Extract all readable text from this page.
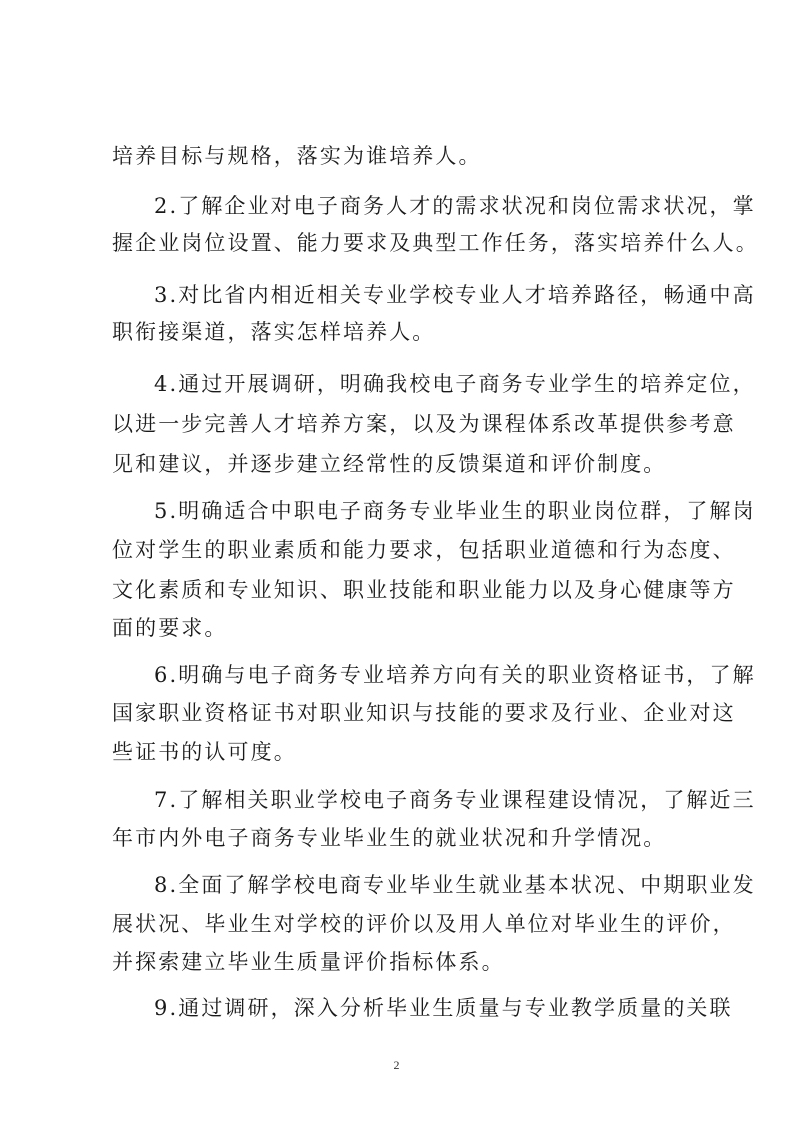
培养目标与规格，落实为谁培养人。
2.了解企业对电子商务人才的需求状况和岗位需求状况，掌
握企业岗位设置、能力要求及典型工作任务，落实培养什么人。
3.对比省内相近相关专业学校专业人才培养路径，畅通中高
职衔接渠道，落实怎样培养人。
4.通过开展调研，明确我校电子商务专业学生的培养定位，
以进一步完善人才培养方案，以及为课程体系改革提供参考意
见和建议，并逐步建立经常性的反馈渠道和评价制度。
5.明确适合中职电子商务专业毕业生的职业岗位群，了解岗
位对学生的职业素质和能力要求，包括职业道德和行为态度、
文化素质和专业知识、职业技能和职业能力以及身心健康等方
面的要求。
6.明确与电子商务专业培养方向有关的职业资格证书，了解
国家职业资格证书对职业知识与技能的要求及行业、企业对这
些证书的认可度。
7.了解相关职业学校电子商务专业课程建设情况，了解近三
年市内外电子商务专业毕业生的就业状况和升学情况。
8.全面了解学校电商专业毕业生就业基本状况、中期职业发
展状况、毕业生对学校的评价以及用人单位对毕业生的评价，
并探索建立毕业生质量评价指标体系。
9.通过调研，深入分析毕业生质量与专业教学质量的关联
2
